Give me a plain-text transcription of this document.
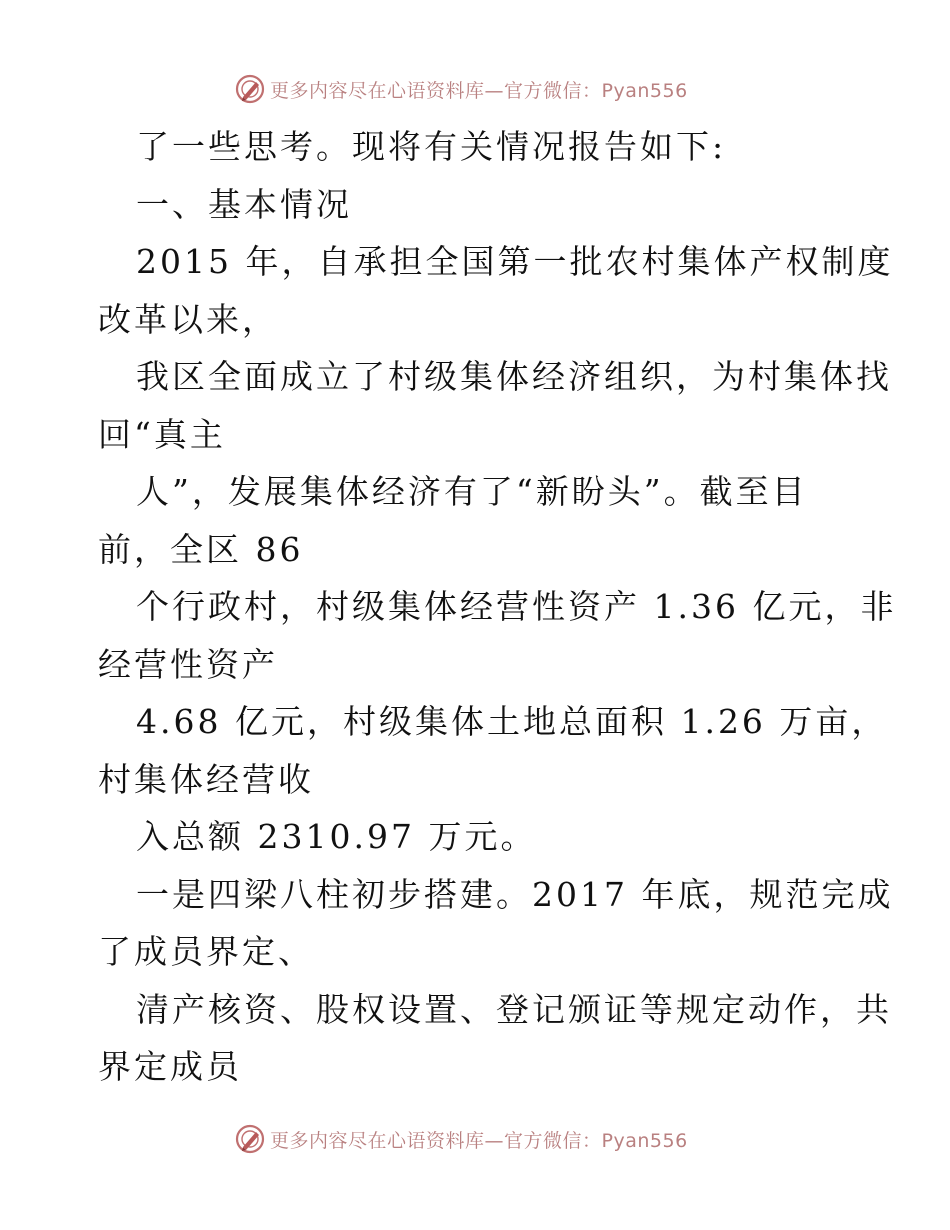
更多内容尽在心语资料库—官方微信：Pyan556
了一些思考。现将有关情况报告如下:
一、基本情况
2015 年，自承担全国第一批农村集体产权制度
改革以来，
我区全面成立了村级集体经济组织，为村集体找
回“真主
人”，发展集体经济有了“新盼头”。截至目
前，全区 86
个行政村，村级集体经营性资产 1.36 亿元，非
经营性资产
4.68 亿元，村级集体土地总面积 1.26 万亩，
村集体经营收
入总额 2310.97 万元。
一是四梁八柱初步搭建。2017 年底，规范完成
了成员界定、
清产核资、股权设置、登记颁证等规定动作，共
界定成员
更多内容尽在心语资料库—官方微信：Pyan556
